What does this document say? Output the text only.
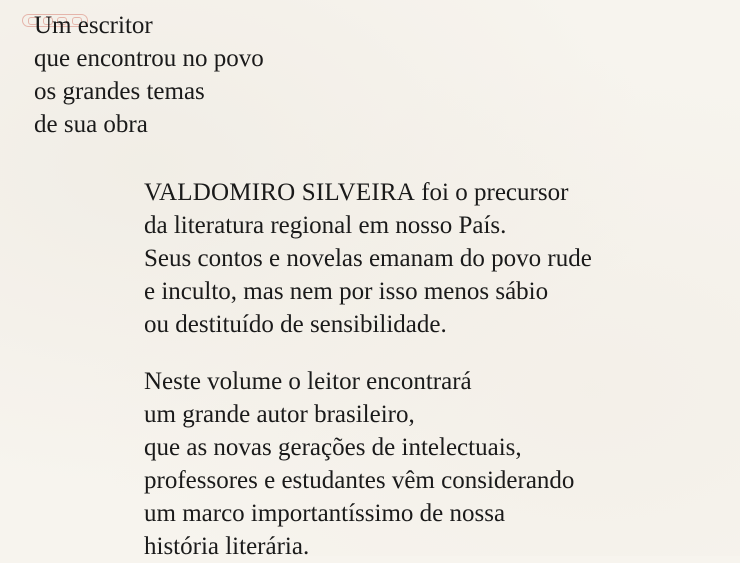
Um escritor
que encontrou no povo
os grandes temas
de sua obra

VALDOMIRO SILVEIRA foi o precursor
da literatura regional em nosso País.
Seus contos e novelas emanam do povo rude
e inculto, mas nem por isso menos sábio
ou destituído de sensibilidade.

Neste volume o leitor encontrará
um grande autor brasileiro,
que as novas gerações de intelectuais,
professores e estudantes vêm considerando
um marco importantíssimo de nossa
história literária.
